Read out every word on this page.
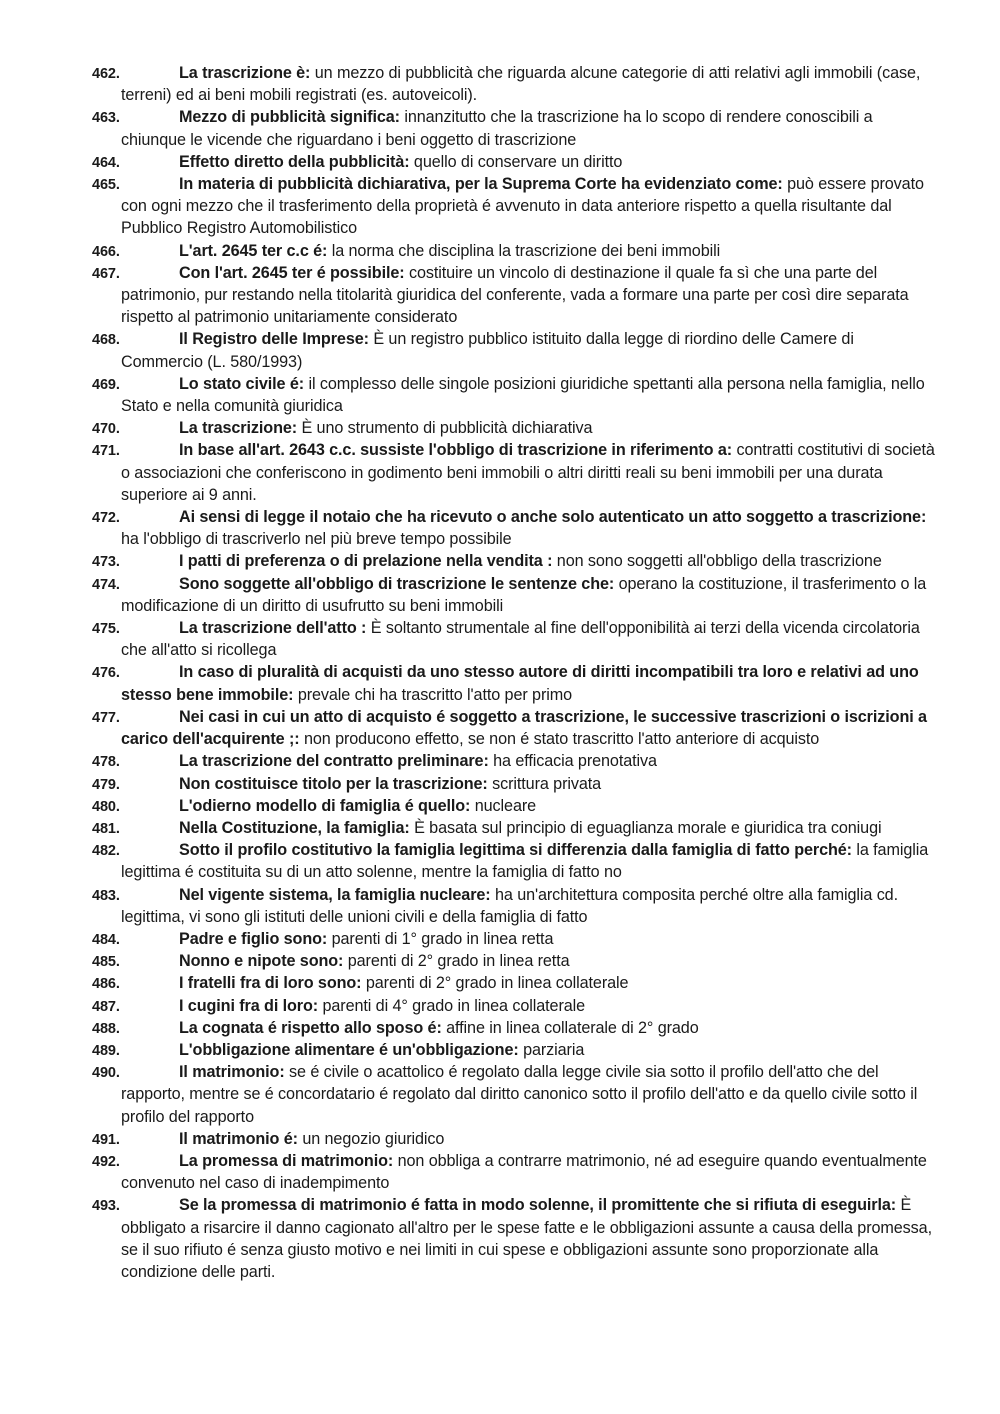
462.	La trascrizione è: un mezzo di pubblicità che riguarda alcune categorie di atti relativi agli immobili (case, terreni) ed ai beni mobili registrati (es. autoveicoli).
463.	Mezzo di pubblicità significa: innanzitutto che la trascrizione ha lo scopo di rendere conoscibili a chiunque le vicende che riguardano i beni oggetto di trascrizione
464.	Effetto diretto della pubblicità: quello di conservare un diritto
465.	In materia di pubblicità dichiarativa, per la Suprema Corte ha evidenziato come: può essere provato con ogni mezzo che il trasferimento della proprietà é avvenuto in data anteriore rispetto a quella risultante dal Pubblico Registro Automobilistico
466.	L'art. 2645 ter c.c é: la norma che disciplina la trascrizione dei beni immobili
467.	Con l'art. 2645 ter é possibile: costituire un vincolo di destinazione il quale fa sì che una parte del patrimonio, pur restando nella titolarità giuridica del conferente, vada a formare una parte per così dire separata rispetto al patrimonio unitariamente considerato
468.	Il Registro delle Imprese: È un registro pubblico istituito dalla legge di riordino delle Camere di Commercio (L. 580/1993)
469.	Lo stato civile é: il complesso delle singole posizioni giuridiche spettanti alla persona nella famiglia, nello Stato e nella comunità giuridica
470.	La trascrizione: È uno strumento di pubblicità dichiarativa
471.	In base all'art. 2643 c.c. sussiste l'obbligo di trascrizione in riferimento a: contratti costitutivi di società o associazioni che conferiscono in godimento beni immobili o altri diritti reali su beni immobili per una durata superiore ai 9 anni.
472.	Ai sensi di legge il notaio che ha ricevuto o anche solo autenticato un atto soggetto a trascrizione: ha l'obbligo di trascriverlo nel più breve tempo possibile
473.	I patti di preferenza o di prelazione nella vendita : non sono soggetti all'obbligo della trascrizione
474.	Sono soggette all'obbligo di trascrizione le sentenze che: operano la costituzione, il trasferimento o la modificazione di un diritto di usufrutto su beni immobili
475.	La trascrizione dell'atto : È soltanto strumentale al fine dell'opponibilità ai terzi della vicenda circolatoria che all'atto si ricollega
476.	In caso di pluralità di acquisti da uno stesso autore di diritti incompatibili tra loro e relativi ad uno stesso bene immobile: prevale chi ha trascritto l'atto per primo
477.	Nei casi in cui un atto di acquisto é soggetto a trascrizione, le successive trascrizioni o iscrizioni a carico dell'acquirente ;: non producono effetto, se non é stato trascritto l'atto anteriore di acquisto
478.	La trascrizione del contratto preliminare: ha efficacia prenotativa
479.	Non costituisce titolo per la trascrizione: scrittura privata
480.	L'odierno modello di famiglia é quello: nucleare
481.	Nella Costituzione, la famiglia: È basata sul principio di eguaglianza morale e giuridica tra coniugi
482.	Sotto il profilo costitutivo la famiglia legittima si differenzia dalla famiglia di fatto perché: la famiglia legittima é costituita su di un atto solenne, mentre la famiglia di fatto no
483.	Nel vigente sistema, la famiglia nucleare: ha un'architettura composita perché oltre alla famiglia cd. legittima, vi sono gli istituti delle unioni civili e della famiglia di fatto
484.	Padre e figlio sono: parenti di 1° grado in linea retta
485.	Nonno e nipote sono: parenti di 2° grado in linea retta
486.	I fratelli fra di loro sono: parenti di 2° grado in linea collaterale
487.	I cugini fra di loro: parenti di 4° grado in linea collaterale
488.	La cognata é rispetto allo sposo é: affine in linea collaterale di 2° grado
489.	L'obbligazione alimentare é un'obbligazione: parziaria
490.	Il matrimonio: se é civile o acattolico é regolato dalla legge civile sia sotto il profilo dell'atto che del rapporto, mentre se é concordatario é regolato dal diritto canonico sotto il profilo dell'atto e da quello civile sotto il profilo del rapporto
491.	Il matrimonio é: un negozio giuridico
492.	La promessa di matrimonio: non obbliga a contrarre matrimonio, né ad eseguire quando eventualmente convenuto nel caso di inadempimento
493.	Se la promessa di matrimonio é fatta in modo solenne, il promittente che si rifiuta di eseguirla: È obbligato a risarcire il danno cagionato all'altro per le spese fatte e le obbligazioni assunte a causa della promessa, se il suo rifiuto é senza giusto motivo e nei limiti in cui spese e obbligazioni assunte sono proporzionate alla condizione delle parti.
